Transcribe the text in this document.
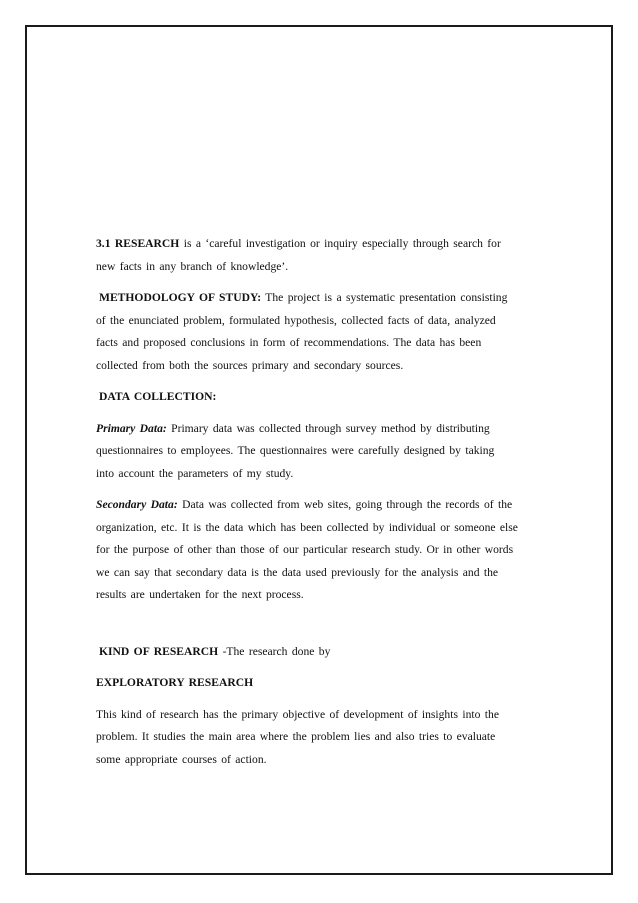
3.1 RESEARCH is a ‘careful investigation or inquiry especially through search for
new facts in any branch of knowledge’.

METHODOLOGY OF STUDY: The project is a systematic presentation consisting
of the enunciated problem, formulated hypothesis, collected facts of data, analyzed
facts and proposed conclusions in form of recommendations. The data has been
collected from both the sources primary and secondary sources.

DATA COLLECTION:

Primary Data: Primary data was collected through survey method by distributing
questionnaires to employees. The questionnaires were carefully designed by taking
into account the parameters of my study.

Secondary Data: Data was collected from web sites, going through the records of the
organization, etc. It is the data which has been collected by individual or someone else
for the purpose of other than those of our particular research study. Or in other words
we can say that secondary data is the data used previously for the analysis and the
results are undertaken for the next process.

KIND OF RESEARCH -The research done by

EXPLORATORY RESEARCH

This kind of research has the primary objective of development of insights into the
problem. It studies the main area where the problem lies and also tries to evaluate
some appropriate courses of action.
